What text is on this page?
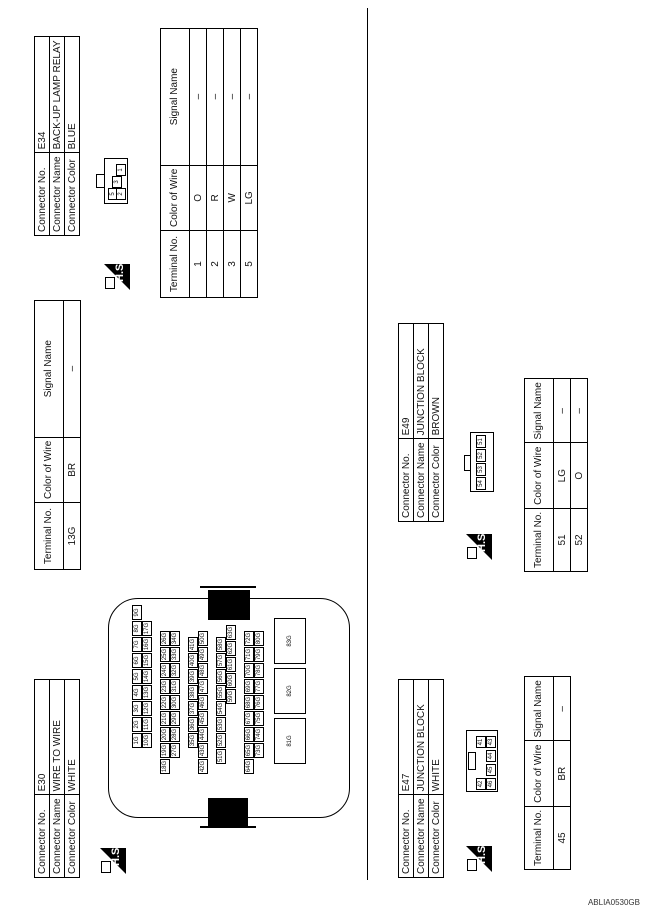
Connector No.	E34
Connector Name	BACK-UP LAMP RELAY
Connector Color	BLUE
H.S.
5 2
3
1
Terminal No.	Color of Wire	Signal Name
1	O	–
2	R	–
3	W	–
5	LG	–
Terminal No.	Color of Wire	Signal Name
13G	BR	–
Connector No.	E30
Connector Name	WIRE TO WIRE
Connector Color	WHITE
H.S.
1G
2G
3G
4G
5G
6G
7G
8G
9G
10G
11G
12G
13G
14G
15G
16G
17G
18G
19G
20G
21G
22G
23G
24G
25G
26G
27G
28G
29G
30G
31G
32G
33G
34G
35G
36G
37G
38G
39G
40G
41G
42G
43G
44G
45G
46G
47G
48G
49G
50G
51G
52G
53G
54G
55G
56G
57G
58G
59G
60G
61G
62G
63G
64G
65G
66G
67G
68G
69G
70G
71G
72G
73G
74G
75G
76G
77G
78G
79G
80G
81G
82G
83G
Connector No.	E47
Connector Name	JUNCTION BLOCK
Connector Color	WHITE
H.S.
42
41
46
45
44
43
Terminal No.	Color of Wire	Signal Name
45	BR	–
Connector No.	E49
Connector Name	JUNCTION BLOCK
Connector Color	BROWN
H.S.
54
53
52
51
Terminal No.	Color of Wire	Signal Name
51	LG	–
52	O	–
ABLIA0530GB
